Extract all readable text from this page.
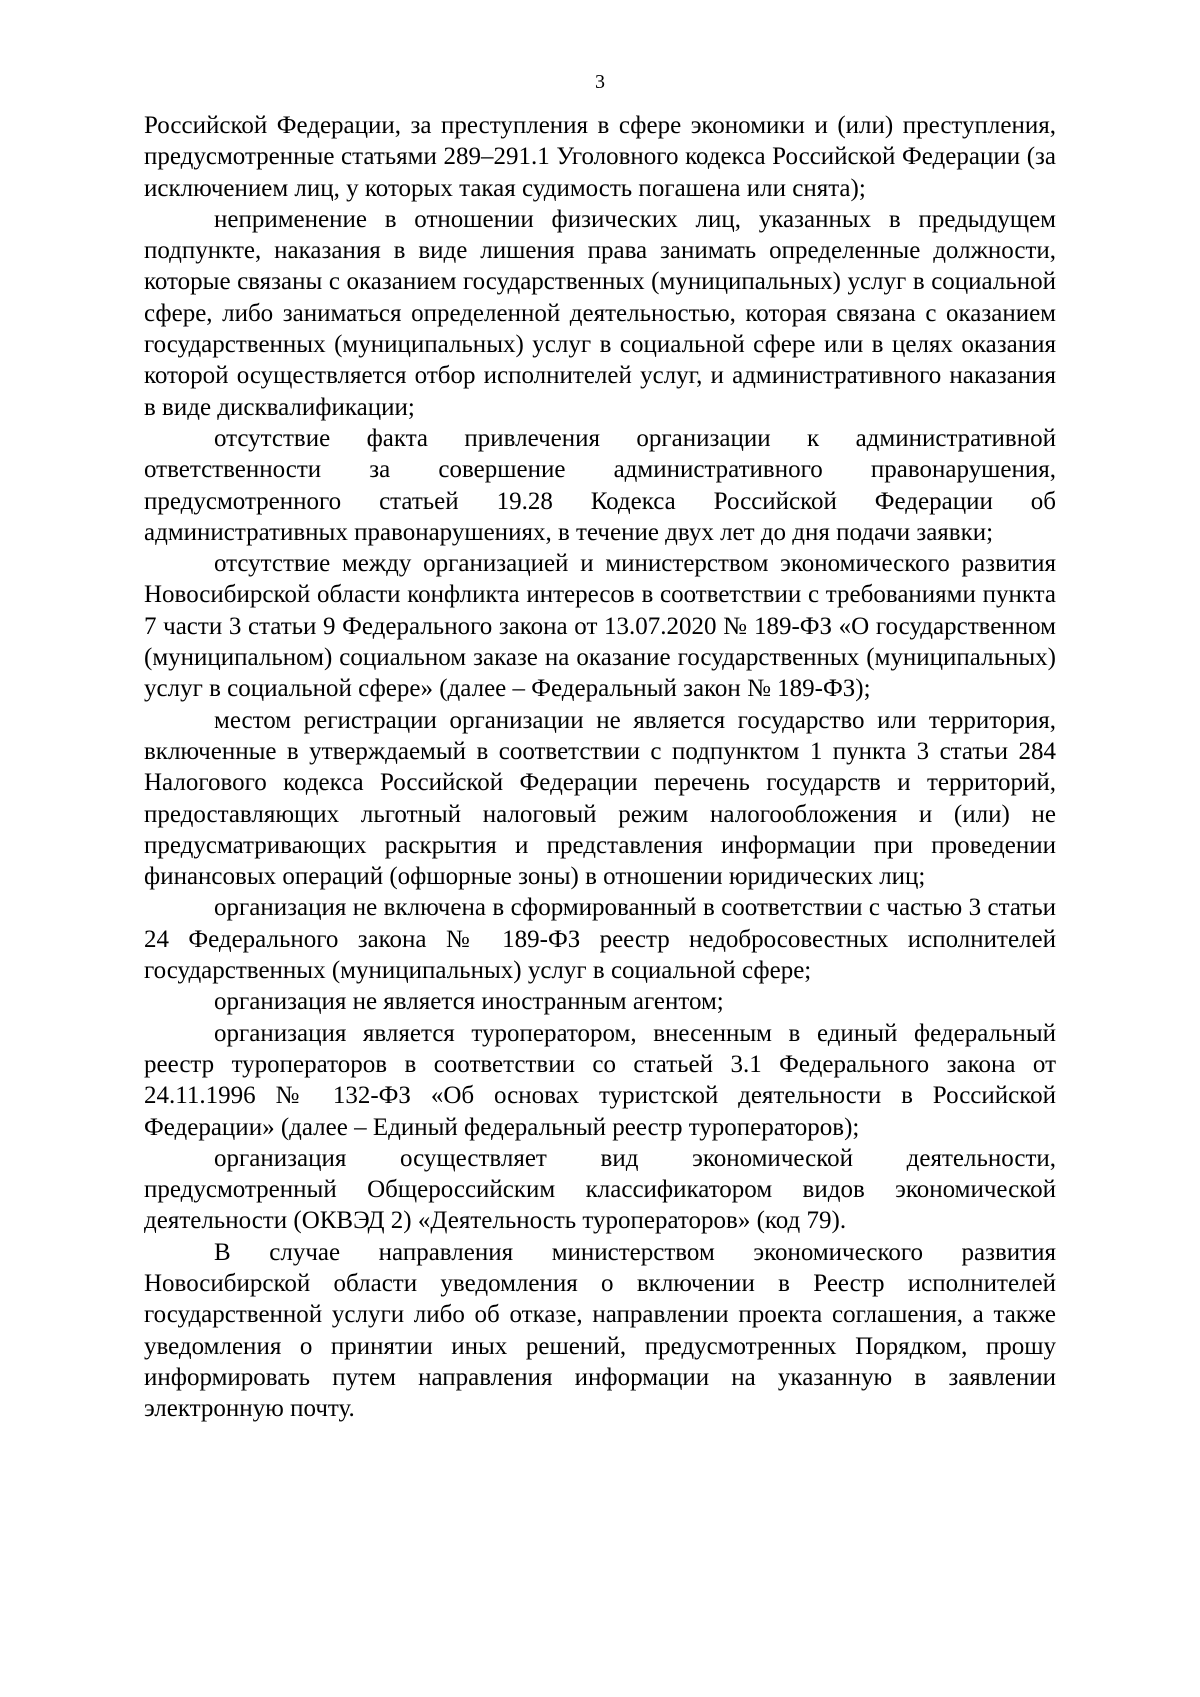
3

Российской Федерации, за преступления в сфере экономики и (или) преступления, предусмотренные статьями 289–291.1 Уголовного кодекса Российской Федерации (за исключением лиц, у которых такая судимость погашена или снята);

неприменение в отношении физических лиц, указанных в предыдущем подпункте, наказания в виде лишения права занимать определенные должности, которые связаны с оказанием государственных (муниципальных) услуг в социальной сфере, либо заниматься определенной деятельностью, которая связана с оказанием государственных (муниципальных) услуг в социальной сфере или в целях оказания которой осуществляется отбор исполнителей услуг, и административного наказания в виде дисквалификации;

отсутствие факта привлечения организации к административной ответственности за совершение административного правонарушения, предусмотренного статьей 19.28 Кодекса Российской Федерации об административных правонарушениях, в течение двух лет до дня подачи заявки;

отсутствие между организацией и министерством экономического развития Новосибирской области конфликта интересов в соответствии с требованиями пункта 7 части 3 статьи 9 Федерального закона от 13.07.2020 № 189-ФЗ «О государственном (муниципальном) социальном заказе на оказание государственных (муниципальных) услуг в социальной сфере» (далее – Федеральный закон № 189-ФЗ);

местом регистрации организации не является государство или территория, включенные в утверждаемый в соответствии с подпунктом 1 пункта 3 статьи 284 Налогового кодекса Российской Федерации перечень государств и территорий, предоставляющих льготный налоговый режим налогообложения и (или) не предусматривающих раскрытия и представления информации при проведении финансовых операций (офшорные зоны) в отношении юридических лиц;

организация не включена в сформированный в соответствии с частью 3 статьи 24 Федерального закона № 189-ФЗ реестр недобросовестных исполнителей государственных (муниципальных) услуг в социальной сфере;

организация не является иностранным агентом;

организация является туроператором, внесенным в единый федеральный реестр туроператоров в соответствии со статьей 3.1 Федерального закона от 24.11.1996 № 132-ФЗ «Об основах туристской деятельности в Российской Федерации» (далее – Единый федеральный реестр туроператоров);

организация осуществляет вид экономической деятельности, предусмотренный Общероссийским классификатором видов экономической деятельности (ОКВЭД 2) «Деятельность туроператоров» (код 79).

В случае направления министерством экономического развития Новосибирской области уведомления о включении в Реестр исполнителей государственной услуги либо об отказе, направлении проекта соглашения, а также уведомления о принятии иных решений, предусмотренных Порядком, прошу информировать путем направления информации на указанную в заявлении электронную почту.
